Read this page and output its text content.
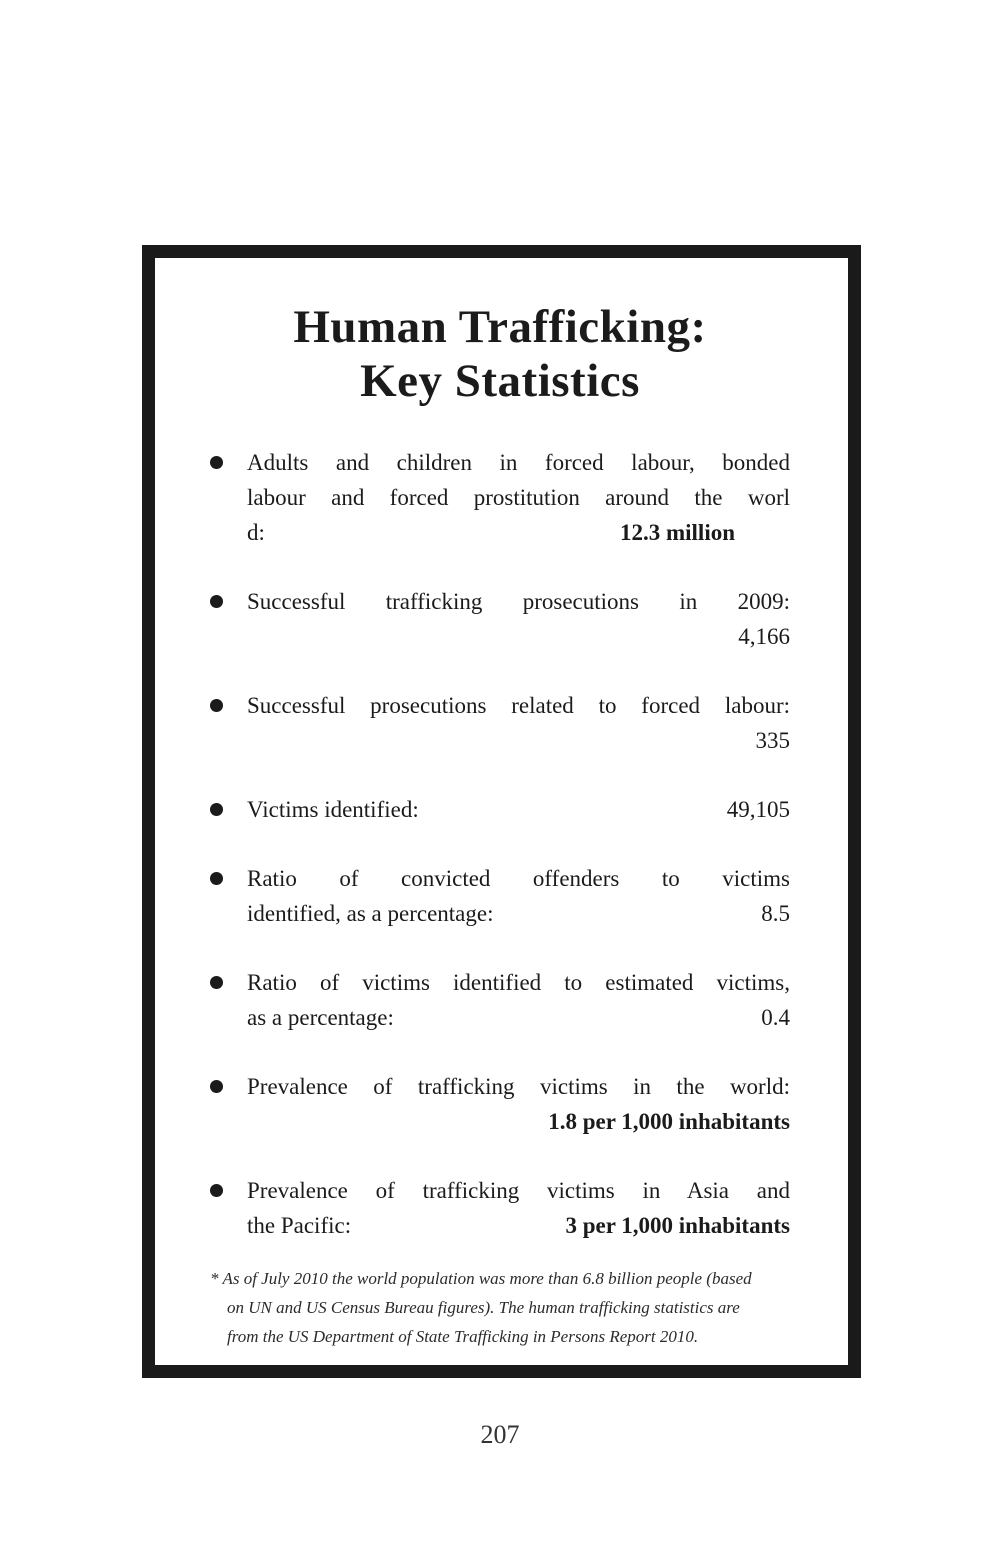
Human Trafficking:
Key Statistics
Adults and children in forced labour, bonded
labour and forced prostitution around the worl
d:	12.3 million
Successful trafficking prosecutions in 2009:
4,166
Successful prosecutions related to forced labour:
335
Victims identified:	49,105
Ratio of convicted offenders to victims
identified, as a percentage:	8.5
Ratio of victims identified to estimated victims,
as a percentage:	0.4
Prevalence of trafficking victims in the world:
1.8 per 1,000 inhabitants
Prevalence of trafficking victims in Asia and
the Pacific:	3 per 1,000 inhabitants
* As of July 2010 the world population was more than 6.8 billion people (based
on UN and US Census Bureau figures). The human trafficking statistics are
from the US Department of State Trafficking in Persons Report 2010.
207
